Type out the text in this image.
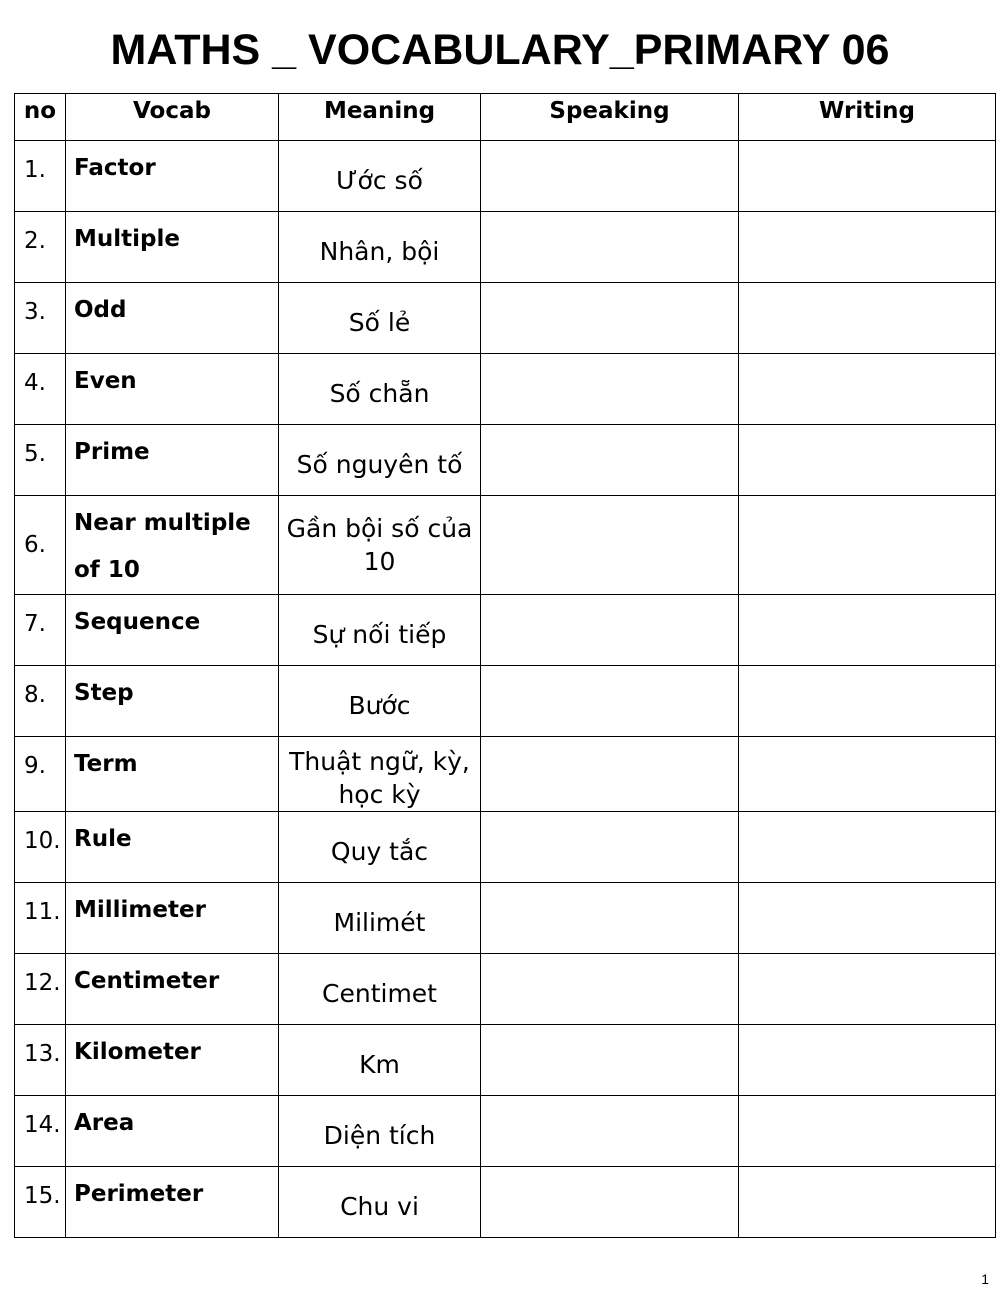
MATHS _ VOCABULARY_PRIMARY 06
no	Vocab	Meaning	Speaking	Writing
1.	Factor	Ước số		
2.	Multiple	Nhân, bội		
3.	Odd	Số lẻ		
4.	Even	Số chẵn		
5.	Prime	Số nguyên tố		
6.	Near multiple of 10	Gần bội số của 10		
7.	Sequence	Sự nối tiếp		
8.	Step	Bước		
9.	Term	Thuật ngữ, kỳ, học kỳ		
10.	Rule	Quy tắc		
11.	Millimeter	Milimét		
12.	Centimeter	Centimet		
13.	Kilometer	Km		
14.	Area	Diện tích		
15.	Perimeter	Chu vi		
1
